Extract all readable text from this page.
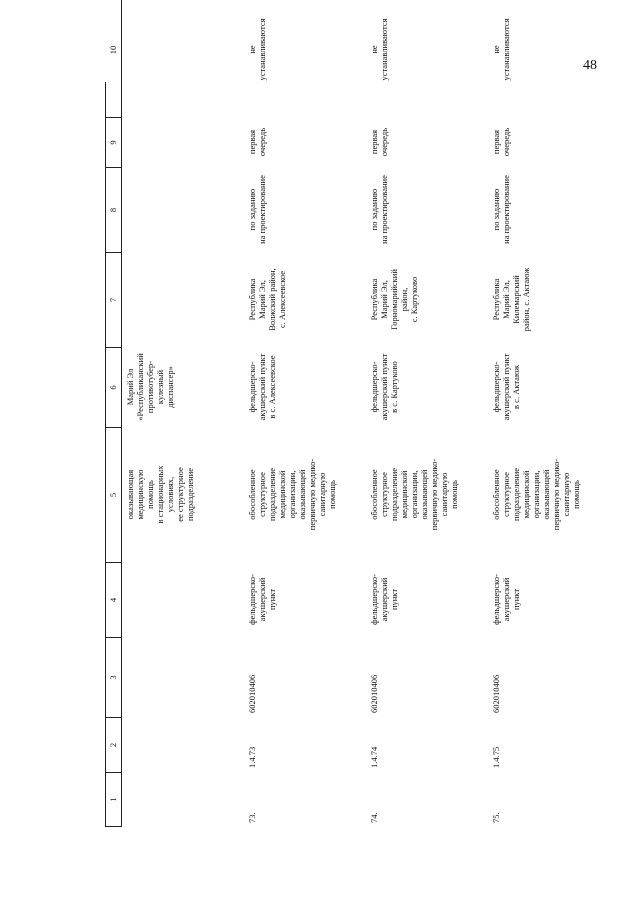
48
1
2
3
4
5
6
7
8
9
10
оказывающая
медицинскую
помощь
в стационарных
условиях,
ее структурное
подразделение
Марий Эл
«Республиканский
противотубер-
кулезный
диспансер»
73.
1.4.73
602010406
фельдшерско-
акушерский
пункт
обособленное
структурное
подразделение
медицинской
организации,
оказывающей
первичную медико-
санитарную
помощь
фельдшерско-
акушерский пункт
в с. Алексеевское
Республика
Марий Эл,
Волжский район,
с. Алексеевское
по заданию
на проектирование
первая
очередь
не
устанавливаются
74.
1.4.74
602010406
фельдшерско-
акушерский
пункт
обособленное
структурное
подразделение
медицинской
организации,
оказывающей
первичную медико-
санитарную
помощь
фельдшерско-
акушерский пункт
в с. Картуково
Республика
Марий Эл,
Горномарийский
район,
с. Картуково
по заданию
на проектирование
первая
очередь
не
устанавливаются
75.
1.4.75
602010406
фельдшерско-
акушерский
пункт
обособленное
структурное
подразделение
медицинской
организации,
оказывающей
первичную медико-
санитарную
помощь
фельдшерско-
акушерский пункт
в с. Актаюж
Республика
Марий Эл,
Килемарский
район, с. Актаюж
по заданию
на проектирование
первая
очередь
не
устанавливаются
